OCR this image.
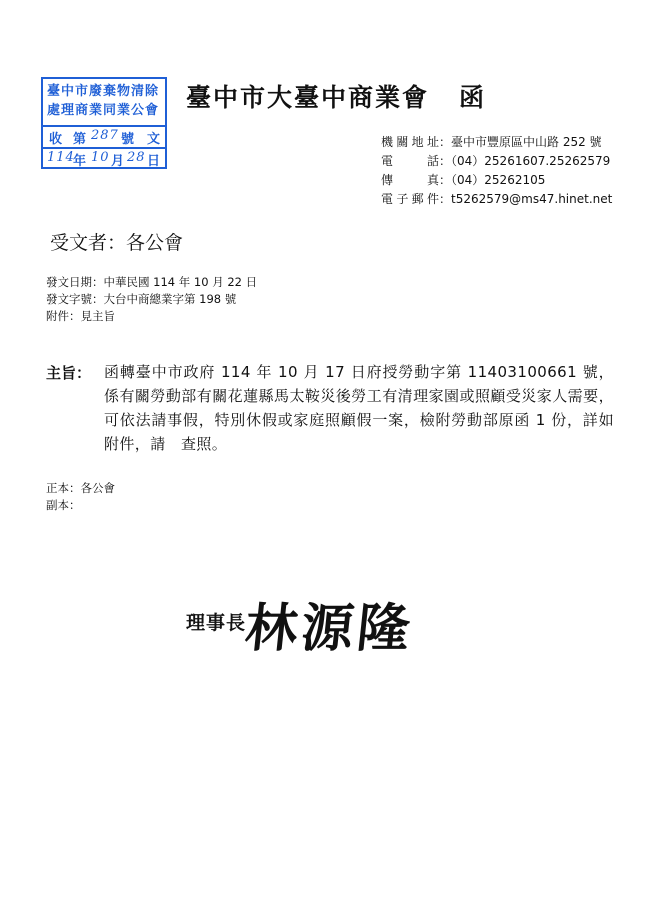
臺中市廢棄物清除
處理商業同業公會
收 第 287 號 文
114
年 10 月 28 日
臺中市大臺中商業會 函
機關地址：臺中市豐原區中山路 252 號
電話：（04）25261607.25262579
傳真：（04）25262105
電子郵件：t5262579@ms47.hinet.net
受文者：各公會
發文日期：中華民國 114 年 10 月 22 日
發文字號：大台中商總業字第 198 號
附件：見主旨
主旨： 函轉臺中市政府 114 年 10 月 17 日府授勞動字第 11403100661 號，係有關勞動部有關花蓮縣馬太鞍災後勞工有清理家園或照顧受災家人需要，可依法請事假，特別休假或家庭照顧假一案，檢附勞動部原函 1 份，詳如附件，請　查照。
正本：各公會
副本：
理事長
林源隆
